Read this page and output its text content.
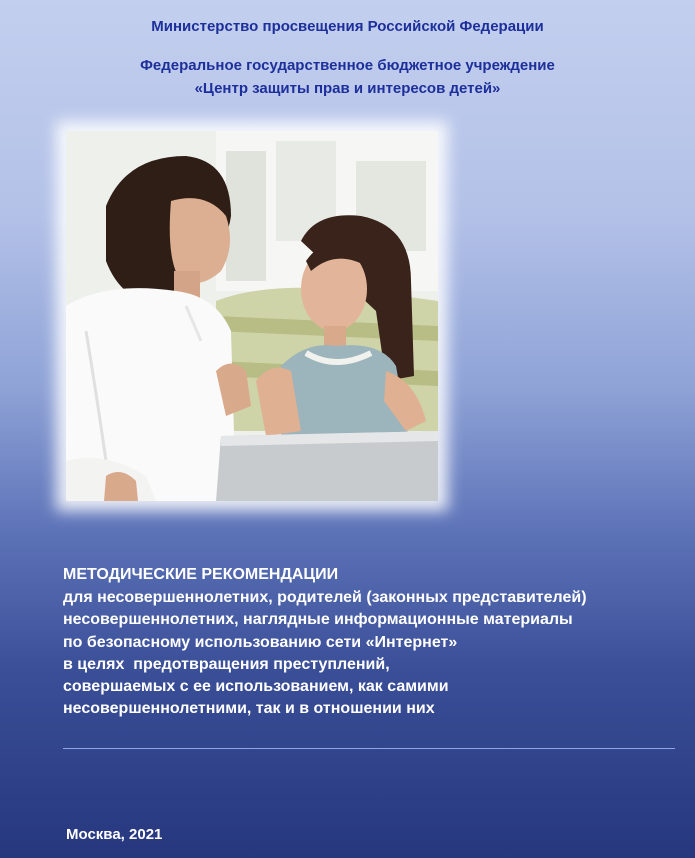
Министерство просвещения Российской Федерации
Федеральное государственное бюджетное учреждение
«Центр защиты прав и интересов детей»

МЕТОДИЧЕСКИЕ РЕКОМЕНДАЦИИ

для несовершеннолетних, родителей (законных представителей)

несовершеннолетних, наглядные информационные материалы

по безопасному использованию сети «Интернет»

в целях  предотвращения преступлений,

совершаемых с ее использованием, как самими

несовершеннолетними, так и в отношении них

Москва, 2021
